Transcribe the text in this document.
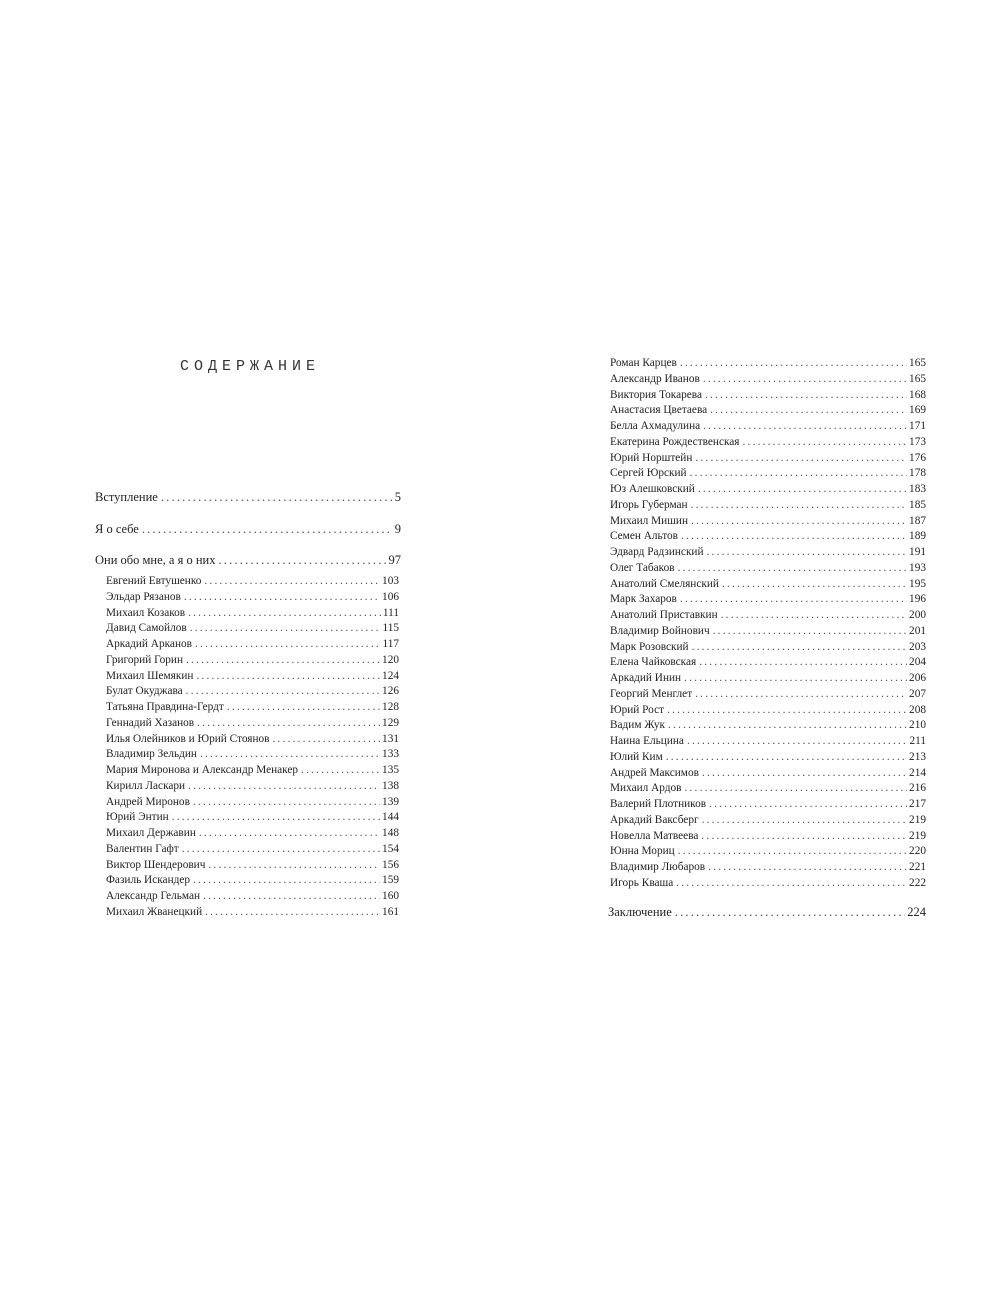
СОДЕРЖАНИЕ
Вступление .....	5
Я о себе .....	9
Они обо мне, а я о них .....	97
Евгений Евтушенко .....	103
Эльдар Рязанов .....	106
Михаил Козаков .....	111
Давид Самойлов .....	115
Аркадий Арканов .....	117
Григорий Горин .....	120
Михаил Шемякин .....	124
Булат Окуджава .....	126
Татьяна Правдина-Гердт .....	128
Геннадий Хазанов .....	129
Илья Олейников и Юрий Стоянов .....	131
Владимир Зельдин .....	133
Мария Миронова и Александр Менакер .....	135
Кирилл Ласкари .....	138
Андрей Миронов .....	139
Юрий Энтин .....	144
Михаил Державин .....	148
Валентин Гафт .....	154
Виктор Шендерович .....	156
Фазиль Искандер .....	159
Александр Гельман .....	160
Михаил Жванецкий .....	161
Роман Карцев .....	165
Александр Иванов .....	165
Виктория Токарева .....	168
Анастасия Цветаева .....	169
Белла Ахмадулина .....	171
Екатерина Рождественская .....	173
Юрий Норштейн .....	176
Сергей Юрский .....	178
Юз Алешковский .....	183
Игорь Губерман .....	185
Михаил Мишин .....	187
Семен Альтов .....	189
Эдвард Радзинский .....	191
Олег Табаков .....	193
Анатолий Смелянский .....	195
Марк Захаров .....	196
Анатолий Приставкин .....	200
Владимир Войнович .....	201
Марк Розовский .....	203
Елена Чайковская .....	204
Аркадий Инин .....	206
Георгий Менглет .....	207
Юрий Рост .....	208
Вадим Жук .....	210
Наина Ельцина .....	211
Юлий Ким .....	213
Андрей Максимов .....	214
Михаил Ардов .....	216
Валерий Плотников .....	217
Аркадий Ваксберг .....	219
Новелла Матвеева .....	219
Юнна Мориц .....	220
Владимир Любаров .....	221
Игорь Кваша .....	222
Заключение .....	224
